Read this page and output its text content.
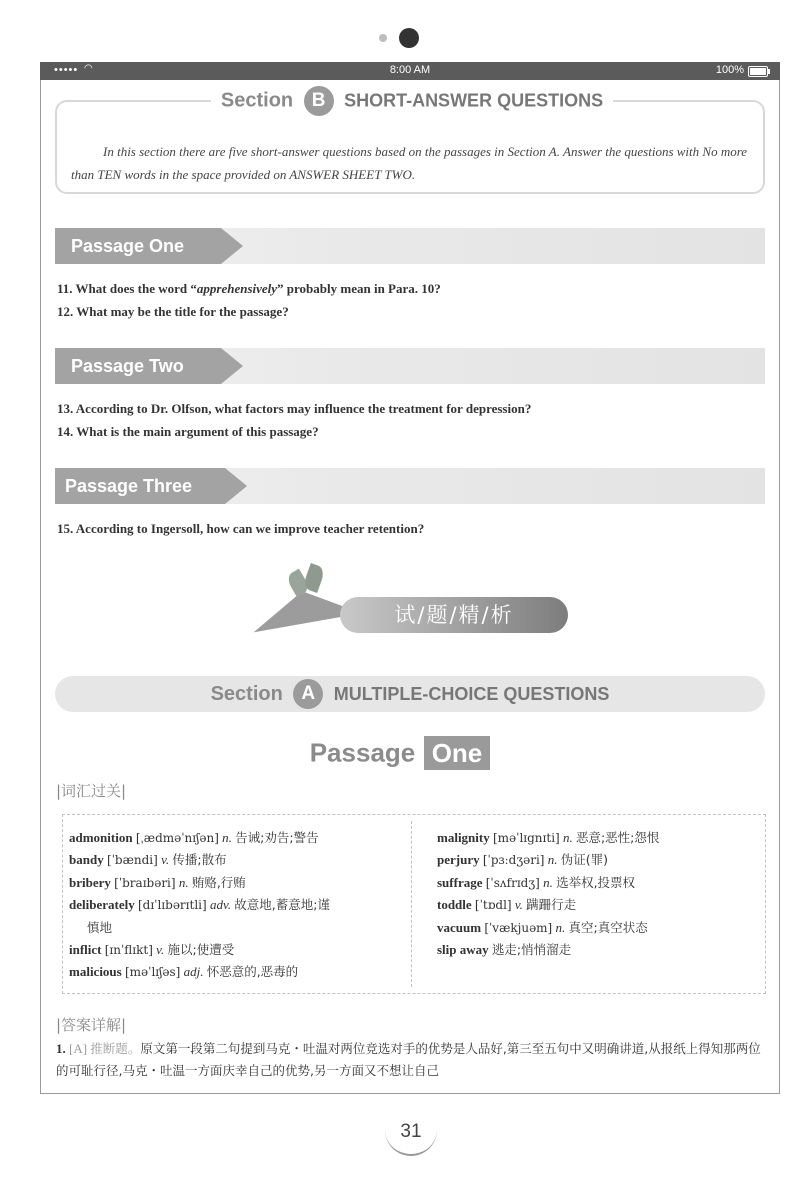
••••• ◠	8:00 AM	100%
Section B SHORT-ANSWER QUESTIONS
In this section there are five short-answer questions based on the passages in Section A. Answer the questions with No more than TEN words in the space provided on ANSWER SHEET TWO.
Passage One
11. What does the word “apprehensively” probably mean in Para. 10?
12. What may be the title for the passage?
Passage Two
13. According to Dr. Olfson, what factors may influence the treatment for depression?
14. What is the main argument of this passage?
Passage Three
15. According to Ingersoll, how can we improve teacher retention?
试/题/精/析
Section A MULTIPLE-CHOICE QUESTIONS
Passage One
|词汇过关|
admonition [ˌædməˈnɪʃən] n. 告诫;劝告;警告
bandy [ˈbændi] v. 传播;散布
bribery [ˈbraɪbəri] n. 贿赂,行贿
deliberately [dɪˈlɪbərɪtli] adv. 故意地,蓄意地;谨
慎地
inflict [ɪnˈflɪkt] v. 施以;使遭受
malicious [məˈlɪʃəs] adj. 怀恶意的,恶毒的
malignity [məˈlɪgnɪti] n. 恶意;恶性;怨恨
perjury [ˈpɜːdʒəri] n. 伪证(罪)
suffrage [ˈsʌfrɪdʒ] n. 选举权,投票权
toddle [ˈtɒdl] v. 蹒跚行走
vacuum [ˈvækjuəm] n. 真空;真空状态
slip away 逃走;悄悄溜走
|答案详解|
1. [A] 推断题。原文第一段第二句提到马克・吐温对两位竞选对手的优势是人品好,第三至五句中又明确讲道,从报纸上得知那两位的可耻行径,马克・吐温一方面庆幸自己的优势,另一方面又不想让自己
31
